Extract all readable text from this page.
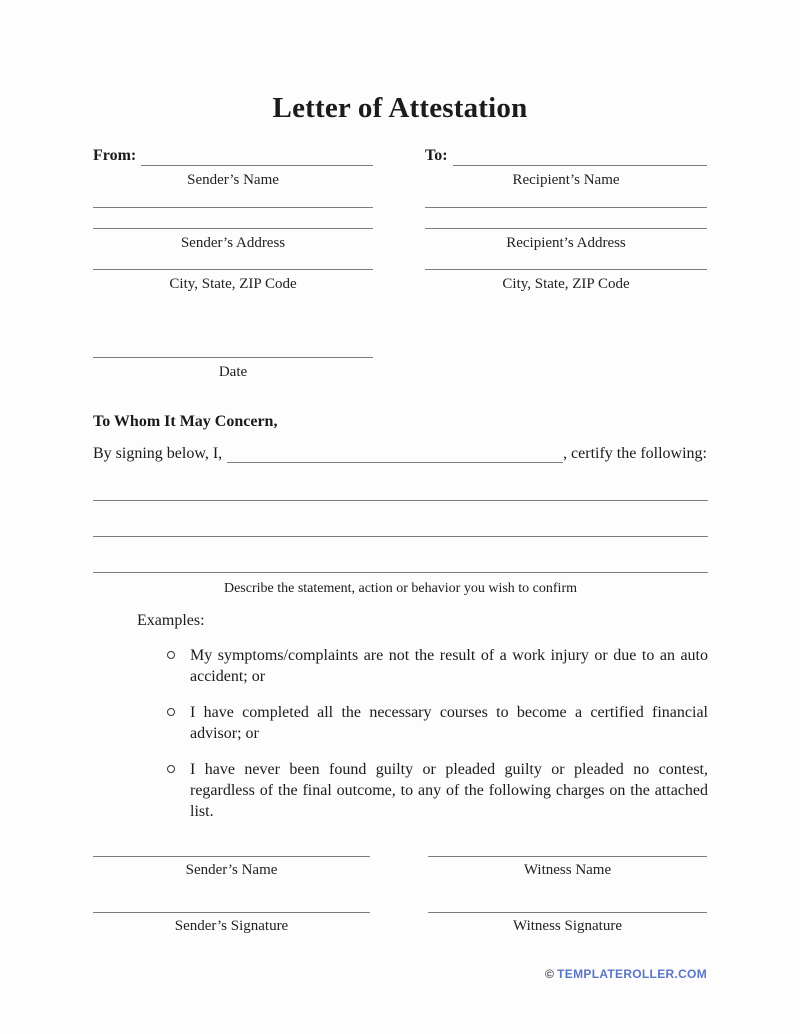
Letter of Attestation
From:
Sender’s Name
Sender’s Address
City, State, ZIP Code
Date
To:
Recipient’s Name
Recipient’s Address
City, State, ZIP Code
To Whom It May Concern,
By signing below, I,	, certify the following:
Describe the statement, action or behavior you wish to confirm
Examples:
My symptoms/complaints are not the result of a work injury or due to an auto accident; or
I have completed all the necessary courses to become a certified financial advisor; or
I have never been found guilty or pleaded guilty or pleaded no contest, regardless of the final outcome, to any of the following charges on the attached list.
Sender’s Name	Witness Name
Sender’s Signature	Witness Signature
© TEMPLATEROLLER.COM
